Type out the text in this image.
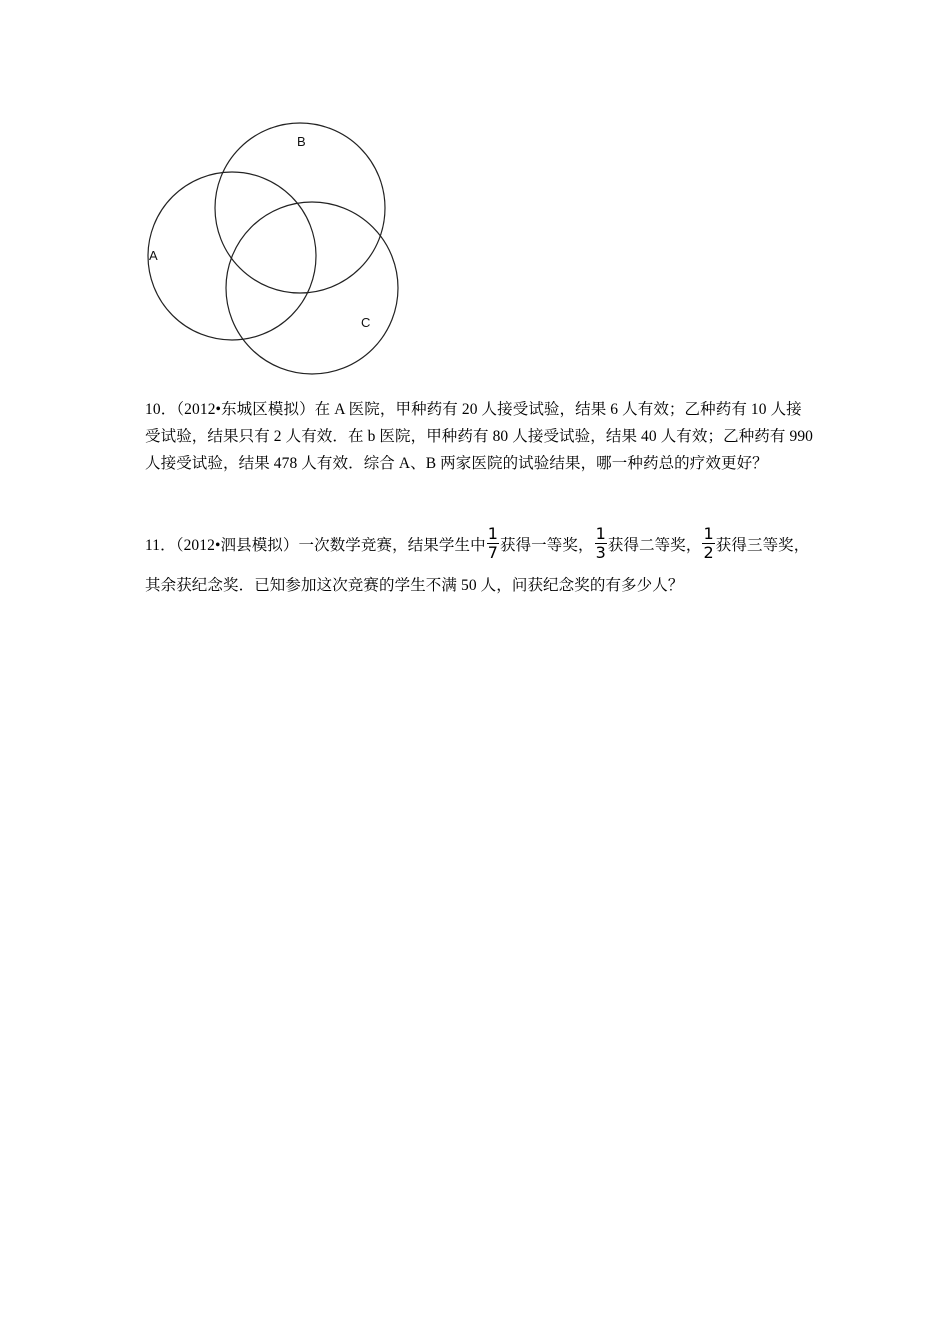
A
B
C
10．（2012•东城区模拟）在 A 医院，甲种药有 20 人接受试验，结果 6 人有效；乙种药有 10 人接受试验，结果只有 2 人有效．在 b 医院，甲种药有 80 人接受试验，结果 40 人有效；乙种药有 990 人接受试验，结果 478 人有效．综合 A、B 两家医院的试验结果，哪一种药总的疗效更好？
11．（2012•泗县模拟）一次数学竞赛，结果学生中 $\frac{1}{7}$ 获得一等奖， $\frac{1}{3}$ 获得二等奖， $\frac{1}{2}$ 获得三等奖，
其余获纪念奖．已知参加这次竞赛的学生不满 50 人，问获纪念奖的有多少人？
